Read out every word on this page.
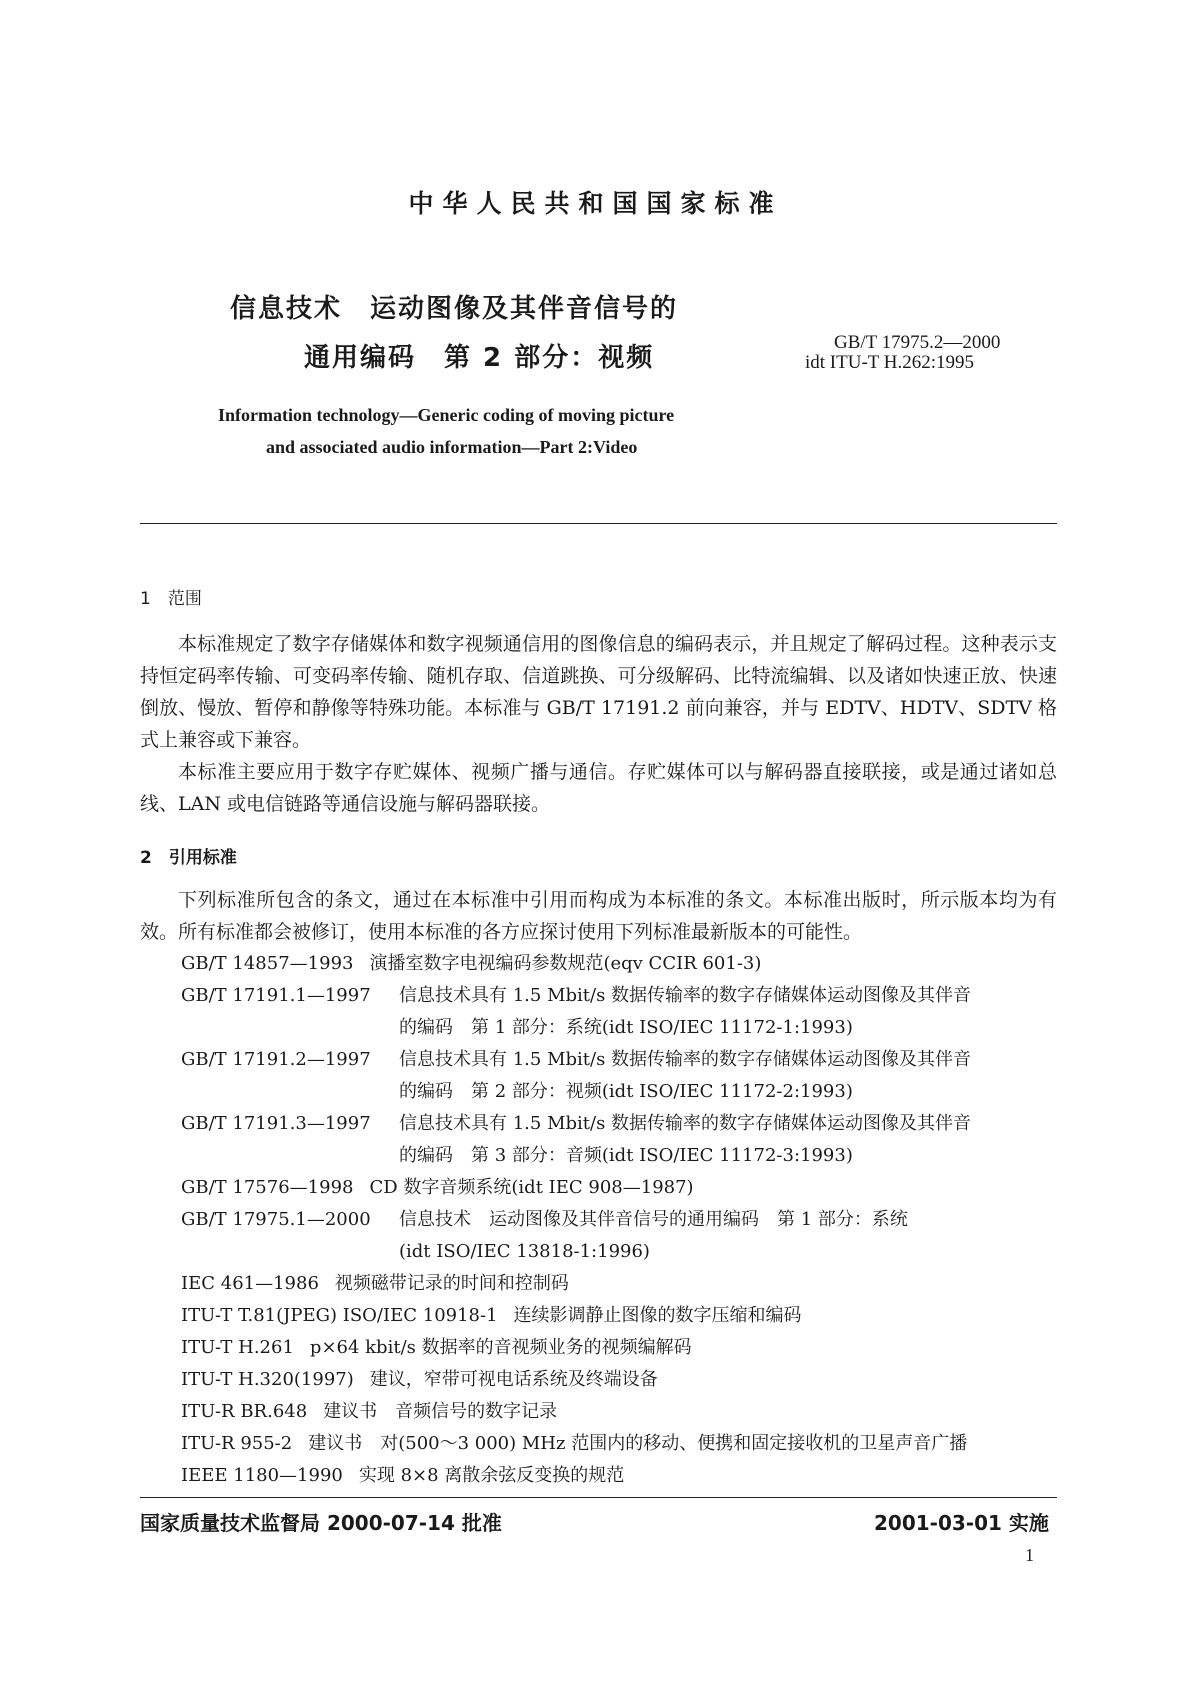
中华人民共和国国家标准
信息技术　运动图像及其伴音信号的
通用编码　第 2 部分：视频
GB/T 17975.2—2000
idt ITU-T H.262:1995
Information technology—Generic coding of moving picture
and associated audio information—Part 2:Video
1　范围
本标准规定了数字存储媒体和数字视频通信用的图像信息的编码表示，并且规定了解码过程。这种表示支持恒定码率传输、可变码率传输、随机存取、信道跳换、可分级解码、比特流编辑、以及诸如快速正放、快速倒放、慢放、暂停和静像等特殊功能。本标准与 GB/T 17191.2 前向兼容，并与 EDTV、HDTV、SDTV 格式上兼容或下兼容。
本标准主要应用于数字存贮媒体、视频广播与通信。存贮媒体可以与解码器直接联接，或是通过诸如总线、LAN 或电信链路等通信设施与解码器联接。
2　引用标准
下列标准所包含的条文，通过在本标准中引用而构成为本标准的条文。本标准出版时，所示版本均为有效。所有标准都会被修订，使用本标准的各方应探讨使用下列标准最新版本的可能性。
GB/T 14857—1993 演播室数字电视编码参数规范(eqv CCIR 601-3)
GB/T 17191.1—1997 信息技术具有 1.5 Mbit/s 数据传输率的数字存储媒体运动图像及其伴音
的编码　第 1 部分：系统(idt ISO/IEC 11172-1:1993)
GB/T 17191.2—1997 信息技术具有 1.5 Mbit/s 数据传输率的数字存储媒体运动图像及其伴音
的编码　第 2 部分：视频(idt ISO/IEC 11172-2:1993)
GB/T 17191.3—1997 信息技术具有 1.5 Mbit/s 数据传输率的数字存储媒体运动图像及其伴音
的编码　第 3 部分：音频(idt ISO/IEC 11172-3:1993)
GB/T 17576—1998 CD 数字音频系统(idt IEC 908—1987)
GB/T 17975.1—2000 信息技术　运动图像及其伴音信号的通用编码　第 1 部分：系统
(idt ISO/IEC 13818-1:1996)
IEC 461—1986 视频磁带记录的时间和控制码
ITU-T T.81(JPEG) ISO/IEC 10918-1 连续影调静止图像的数字压缩和编码
ITU-T H.261 p×64 kbit/s 数据率的音视频业务的视频编解码
ITU-T H.320(1997) 建议，窄带可视电话系统及终端设备
ITU-R BR.648 建议书　音频信号的数字记录
ITU-R 955-2 建议书　对(500～3 000) MHz 范围内的移动、便携和固定接收机的卫星声音广播
IEEE 1180—1990 实现 8×8 离散余弦反变换的规范
国家质量技术监督局 2000-07-14 批准	2001-03-01 实施
1
